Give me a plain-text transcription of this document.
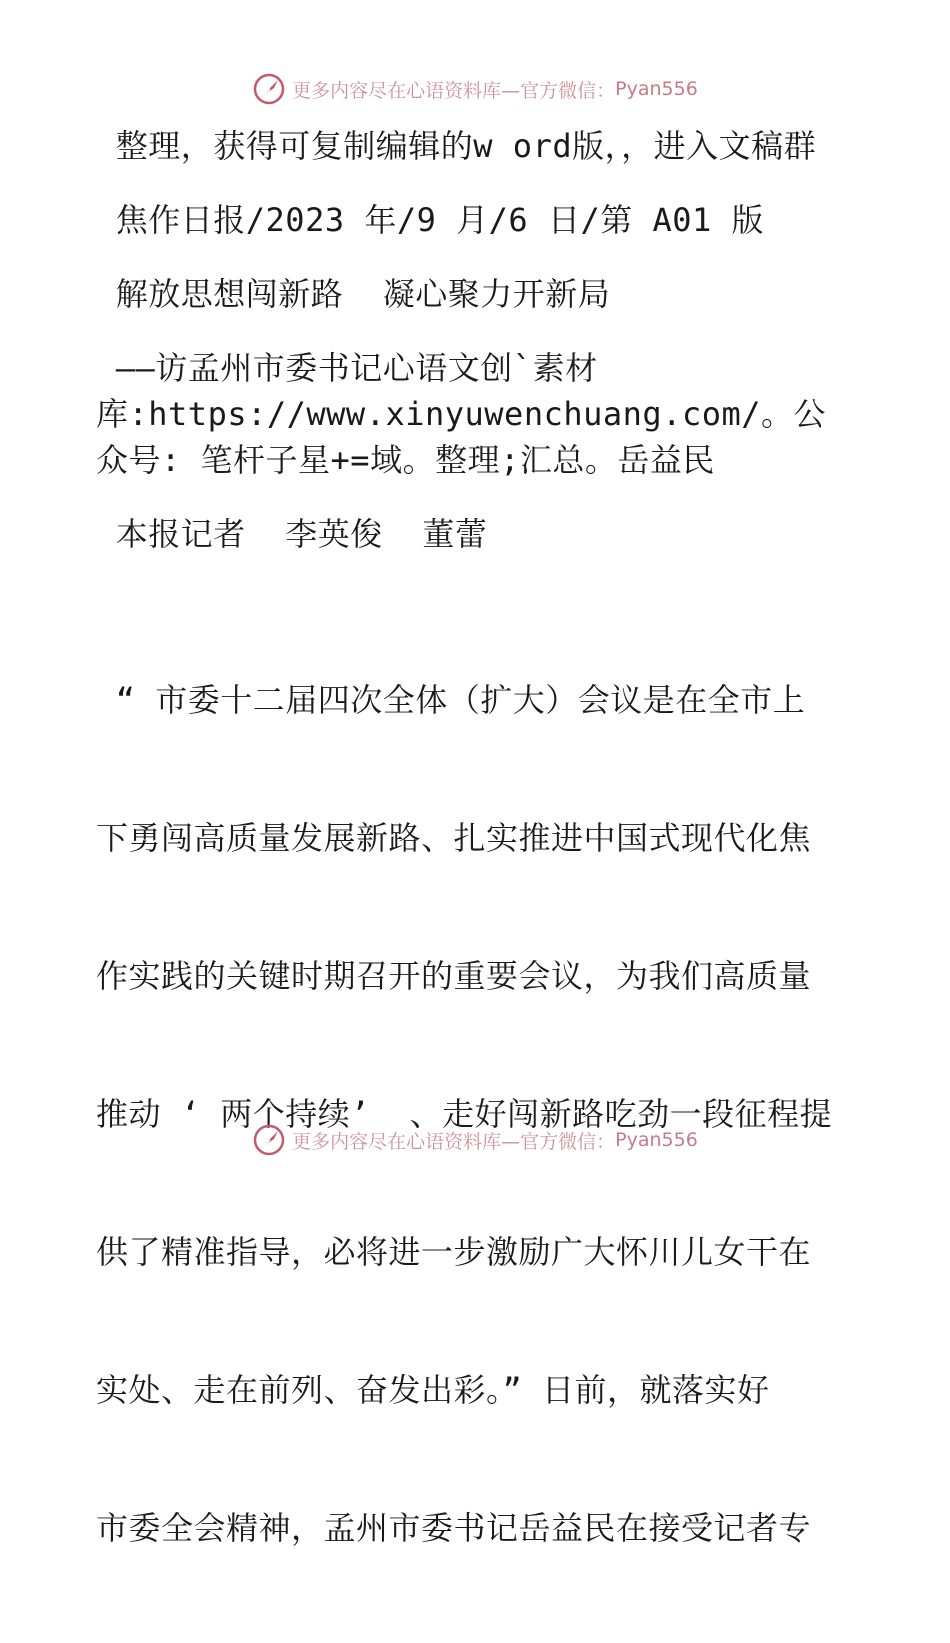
更多内容尽在心语资料库—官方微信： Pyan556

整理，获得可复制编辑的w ord版，，进入文稿群

焦作日报/2023 年/9 月/6 日/第 A01 版

解放思想闯新路  凝心聚力开新局

——访孟州市委书记心语文创`素材库:https://www.xinyuwenchuang.com/。公众号: 笔杆子星+=域。整理;汇总。岳益民

本报记者  李英俊  董蕾

“ 市委十二届四次全体（扩大）会议是在全市上

下勇闯高质量发展新路、扎实推进中国式现代化焦

作实践的关键时期召开的重要会议，为我们高质量

推动 ‘ 两个持续’  、走好闯新路吃劲一段征程提

供了精准指导，必将进一步激励广大怀川儿女干在

实处、走在前列、奋发出彩。” 日前，就落实好

市委全会精神，孟州市委书记岳益民在接受记者专

更多内容尽在心语资料库—官方微信： Pyan556
